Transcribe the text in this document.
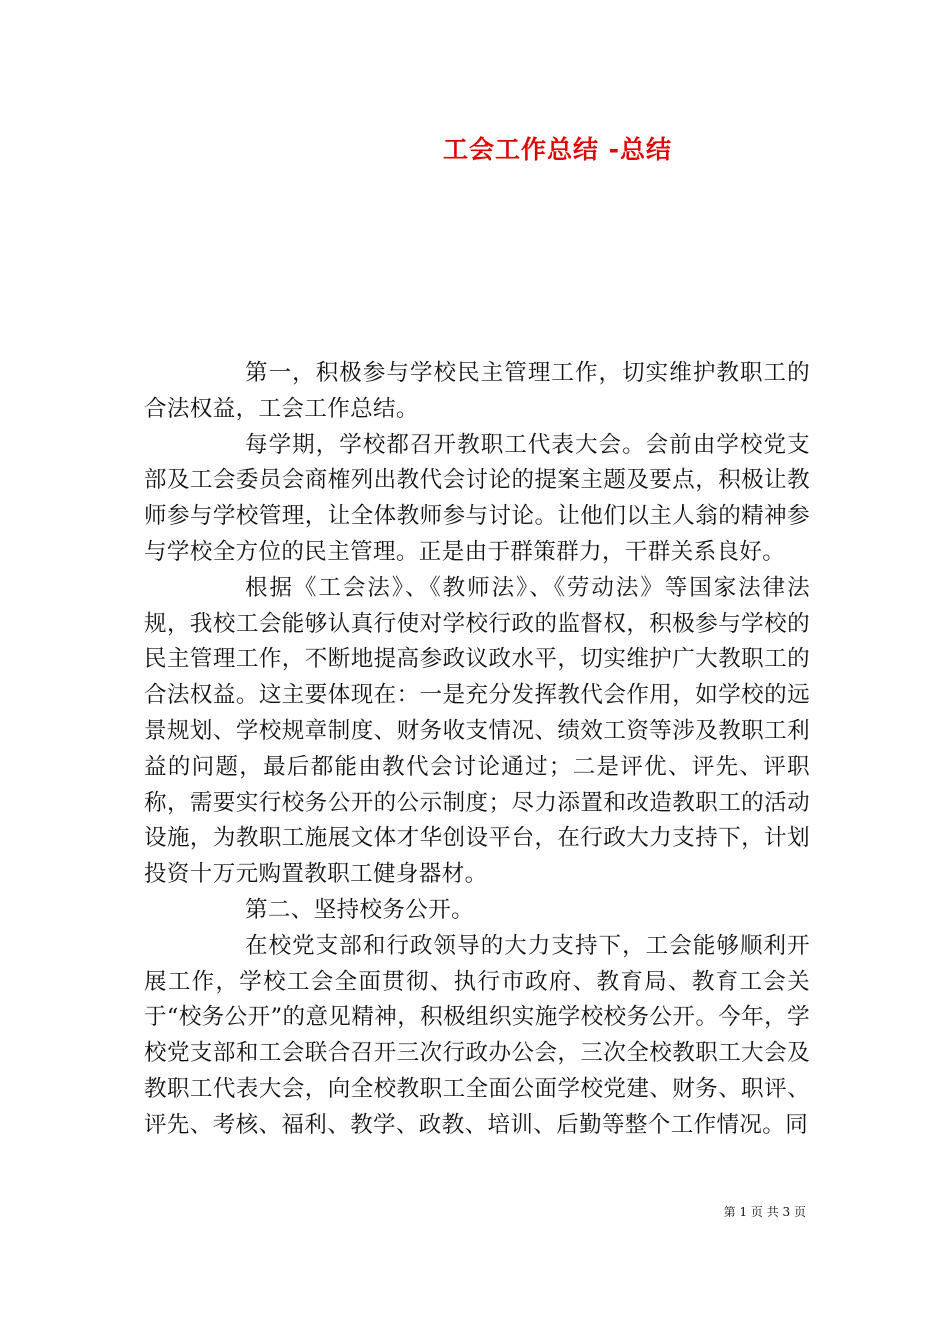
工会工作总结 -总结

第一，积极参与学校民主管理工作，切实维护教职工的合法权益，工会工作总结。

每学期，学校都召开教职工代表大会。会前由学校党支部及工会委员会商榷列出教代会讨论的提案主题及要点，积极让教师参与学校管理，让全体教师参与讨论。让他们以主人翁的精神参与学校全方位的民主管理。正是由于群策群力，干群关系良好。

根据《工会法》、《教师法》、《劳动法》等国家法律法规，我校工会能够认真行使对学校行政的监督权，积极参与学校的民主管理工作，不断地提高参政议政水平，切实维护广大教职工的合法权益。这主要体现在：一是充分发挥教代会作用，如学校的远景规划、学校规章制度、财务收支情况、绩效工资等涉及教职工利益的问题，最后都能由教代会讨论通过；二是评优、评先、评职称，需要实行校务公开的公示制度；尽力添置和改造教职工的活动设施，为教职工施展文体才华创设平台，在行政大力支持下，计划投资十万元购置教职工健身器材。

第二、坚持校务公开。

在校党支部和行政领导的大力支持下，工会能够顺利开展工作，学校工会全面贯彻、执行市政府、教育局、教育工会关于“校务公开”的意见精神，积极组织实施学校校务公开。今年，学校党支部和工会联合召开三次行政办公会，三次全校教职工大会及教职工代表大会，向全校教职工全面公面学校党建、财务、职评、评先、考核、福利、教学、政教、培训、后勤等整个工作情况。同

第 1 页 共 3 页
